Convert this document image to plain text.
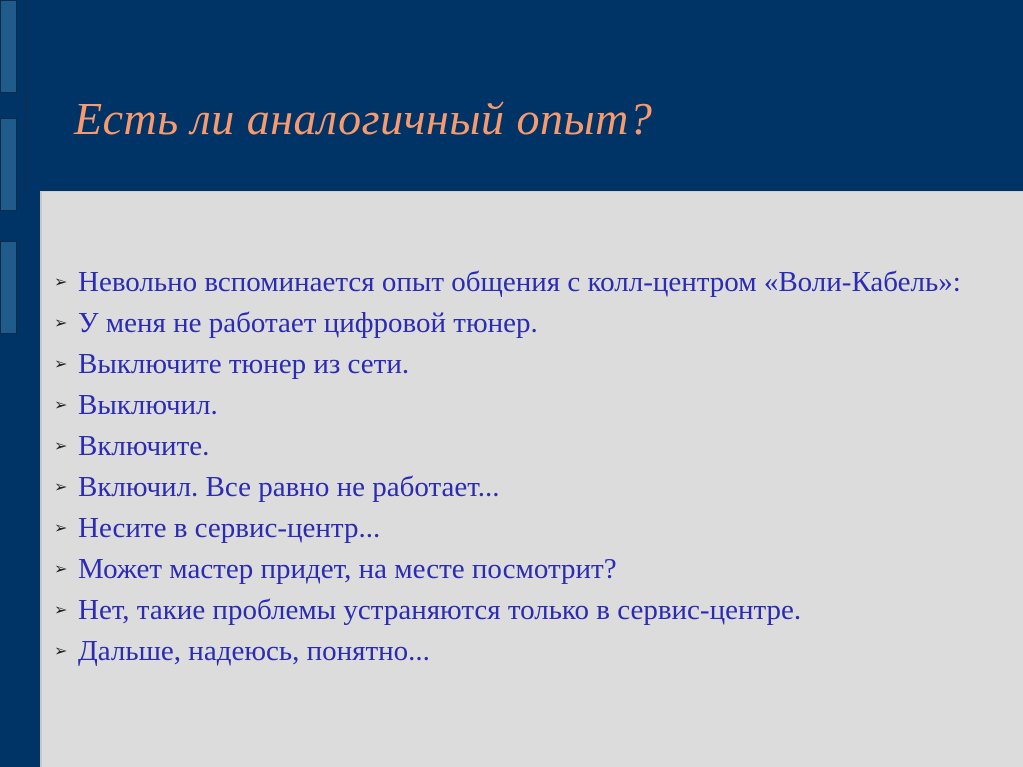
Есть ли аналогичный опыт?
➢ Невольно вспоминается опыт общения с колл-центром «Воли-Кабель»:
➢ У меня не работает цифровой тюнер.
➢ Выключите тюнер из сети.
➢ Выключил.
➢ Включите.
➢ Включил. Все равно не работает...
➢ Несите в сервис-центр...
➢ Может мастер придет, на месте посмотрит?
➢ Нет, такие проблемы устраняются только в сервис-центре.
➢ Дальше, надеюсь, понятно...
